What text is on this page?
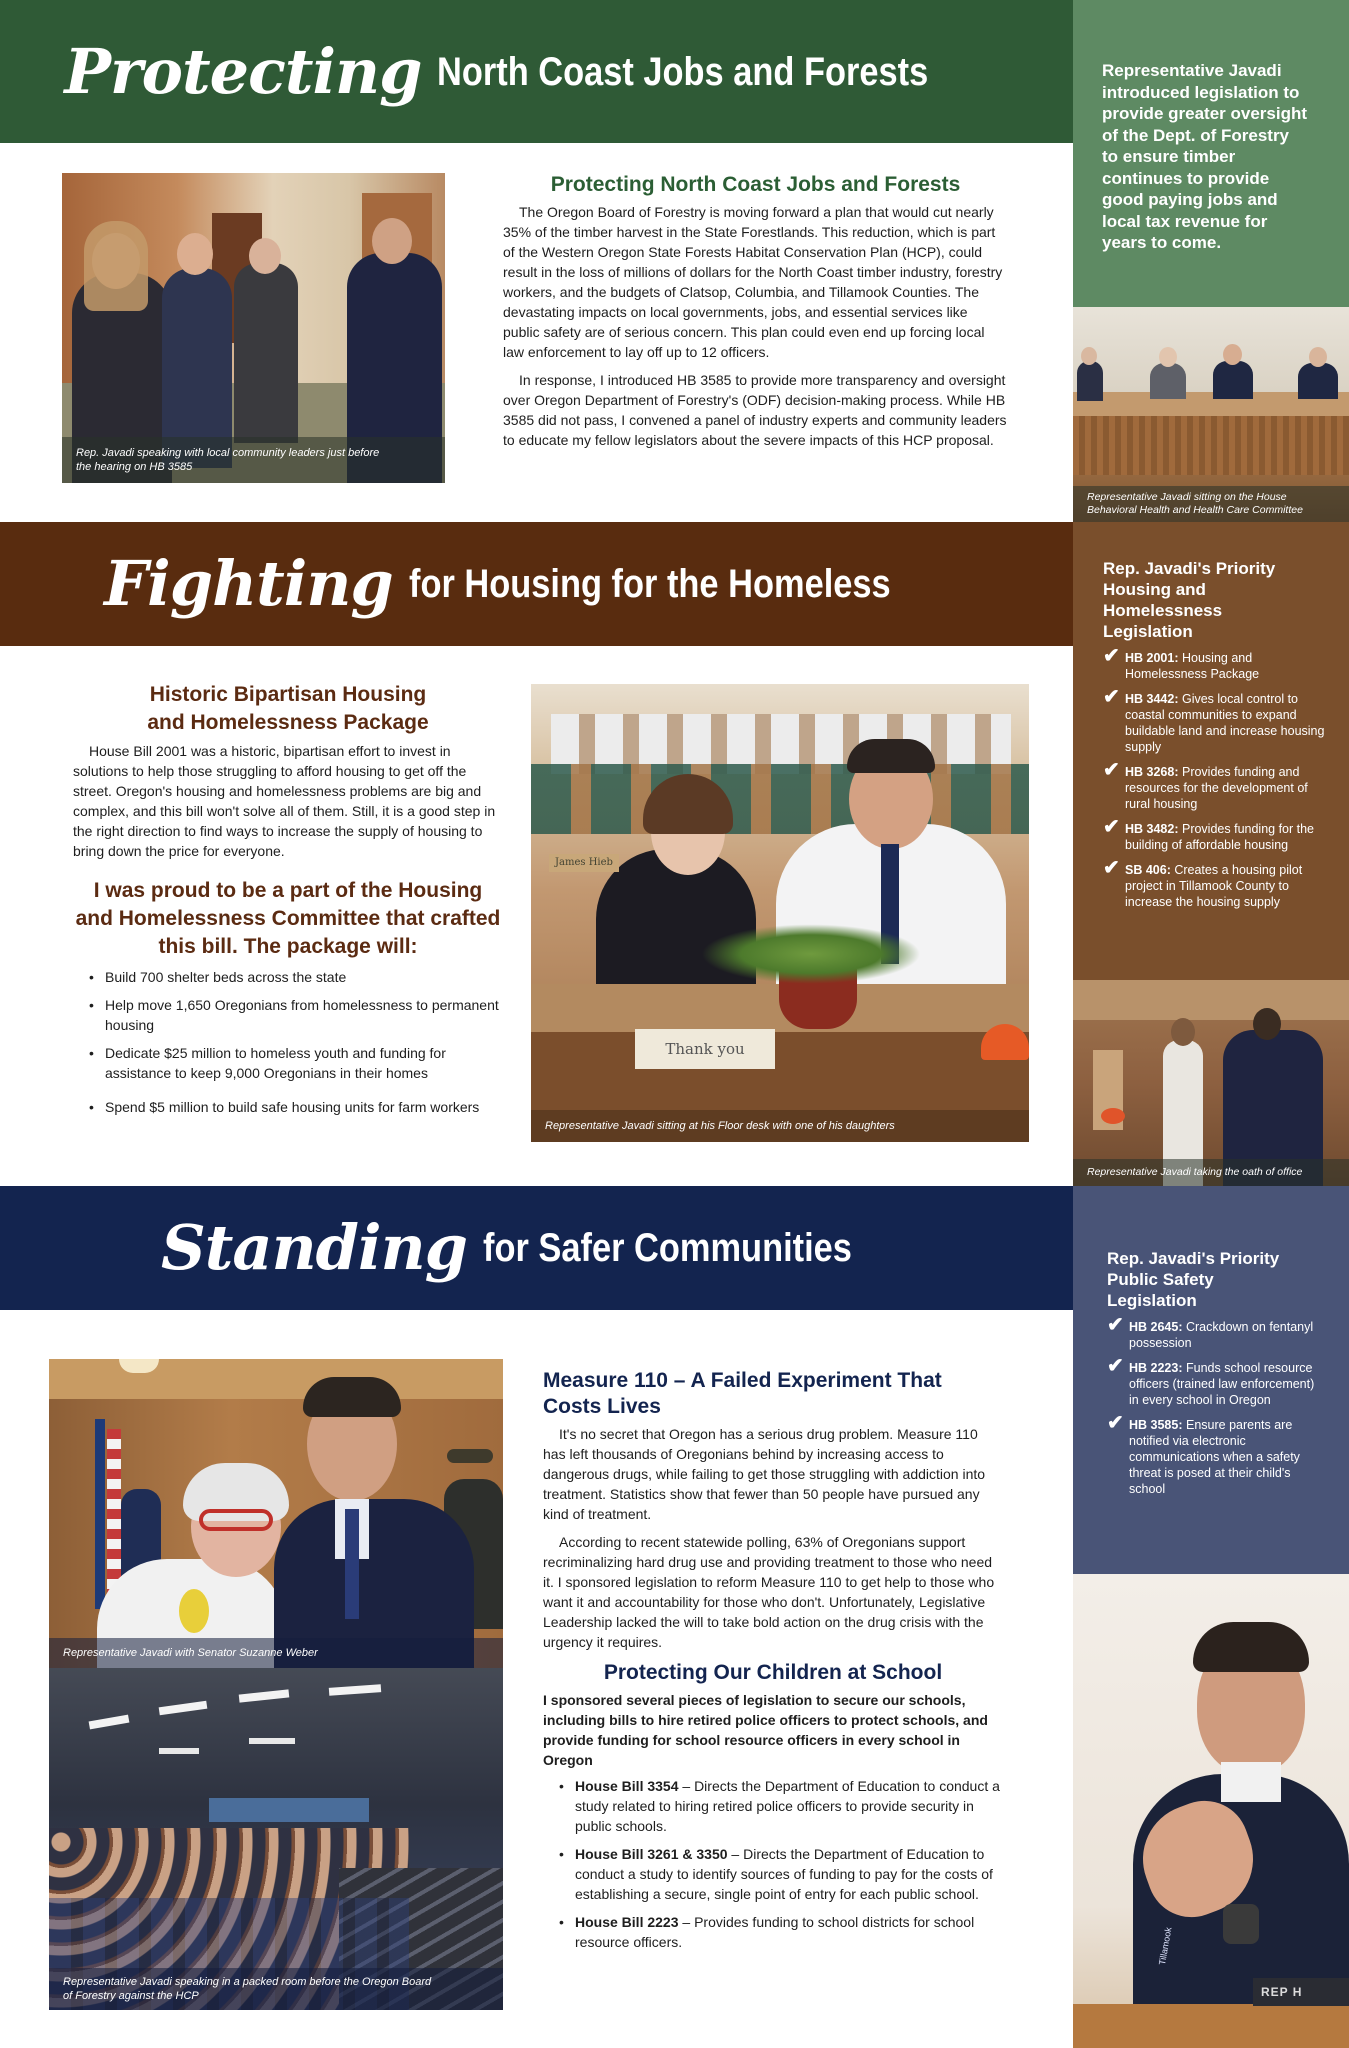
Protecting North Coast Jobs and Forests	Representative Javadi introduced legislation to provide greater oversight of the Dept. of Forestry to ensure timber continues to provide good paying jobs and local tax revenue for years to come.
Representative Javadi sitting on the House Behavioral Health and Health Care Committee
Rep. Javadi speaking with local community leaders just before the hearing on HB 3585
Protecting North Coast Jobs and Forests

The Oregon Board of Forestry is moving forward a plan that would cut nearly 35% of the timber harvest in the State Forestlands. This reduction, which is part of the Western Oregon State Forests Habitat Conservation Plan (HCP), could result in the loss of millions of dollars for the North Coast timber industry, forestry workers, and the budgets of Clatsop, Columbia, and Tillamook Counties. The devastating impacts on local governments, jobs, and essential services like public safety are of serious concern. This plan could even end up forcing local law enforcement to lay off up to 12 officers.

In response, I introduced HB 3585 to provide more transparency and oversight over Oregon Department of Forestry's (ODF) decision-making process. While HB 3585 did not pass, I convened a panel of industry experts and community leaders to educate my fellow legislators about the severe impacts of this HCP proposal.

Fighting for Housing for the Homeless	Rep. Javadi's Priority Housing and Homelessness Legislation
✔ HB 2001: Housing and Homelessness Package
✔ HB 3442: Gives local control to coastal communities to expand buildable land and increase housing supply
✔ HB 3268: Provides funding and resources for the development of rural housing
✔ HB 3482: Provides funding for the building of affordable housing
✔ SB 406: Creates a housing pilot project in Tillamook County to increase the housing supply
Representative Javadi taking the oath of office
Historic Bipartisan Housing and Homelessness Package

House Bill 2001 was a historic, bipartisan effort to invest in solutions to help those struggling to afford housing to get off the street. Oregon's housing and homelessness problems are big and complex, and this bill won't solve all of them. Still, it is a good step in the right direction to find ways to increase the supply of housing to bring down the price for everyone.

I was proud to be a part of the Housing and Homelessness Committee that crafted this bill. The package will:
• Build 700 shelter beds across the state
• Help move 1,650 Oregonians from homelessness to permanent housing
• Dedicate $25 million to homeless youth and funding for assistance to keep 9,000 Oregonians in their homes
• Spend $5 million to build safe housing units for farm workers
Thank you
James Hieb
Representative Javadi sitting at his Floor desk with one of his daughters
Standing for Safer Communities	Rep. Javadi's Priority Public Safety Legislation
✔ HB 2645: Crackdown on fentanyl possession
✔ HB 2223: Funds school resource officers (trained law enforcement) in every school in Oregon
✔ HB 3585: Ensure parents are notified via electronic communications when a safety threat is posed at their child's school
REP H
Tillamook
Representative Javadi with Senator Suzanne Weber
Representative Javadi speaking in a packed room before the Oregon Board of Forestry against the HCP
Measure 110 – A Failed Experiment That Costs Lives

It's no secret that Oregon has a serious drug problem. Measure 110 has left thousands of Oregonians behind by increasing access to dangerous drugs, while failing to get those struggling with addiction into treatment. Statistics show that fewer than 50 people have pursued any kind of treatment.

According to recent statewide polling, 63% of Oregonians support recriminalizing hard drug use and providing treatment to those who need it. I sponsored legislation to reform Measure 110 to get help to those who want it and accountability for those who don't. Unfortunately, Legislative Leadership lacked the will to take bold action on the drug crisis with the urgency it requires.

Protecting Our Children at School

I sponsored several pieces of legislation to secure our schools, including bills to hire retired police officers to protect schools, and provide funding for school resource officers in every school in Oregon

• House Bill 3354 – Directs the Department of Education to conduct a study related to hiring retired police officers to provide security in public schools.
• House Bill 3261 & 3350 – Directs the Department of Education to conduct a study to identify sources of funding to pay for the costs of establishing a secure, single point of entry for each public school.
• House Bill 2223 – Provides funding to school districts for school resource officers.
